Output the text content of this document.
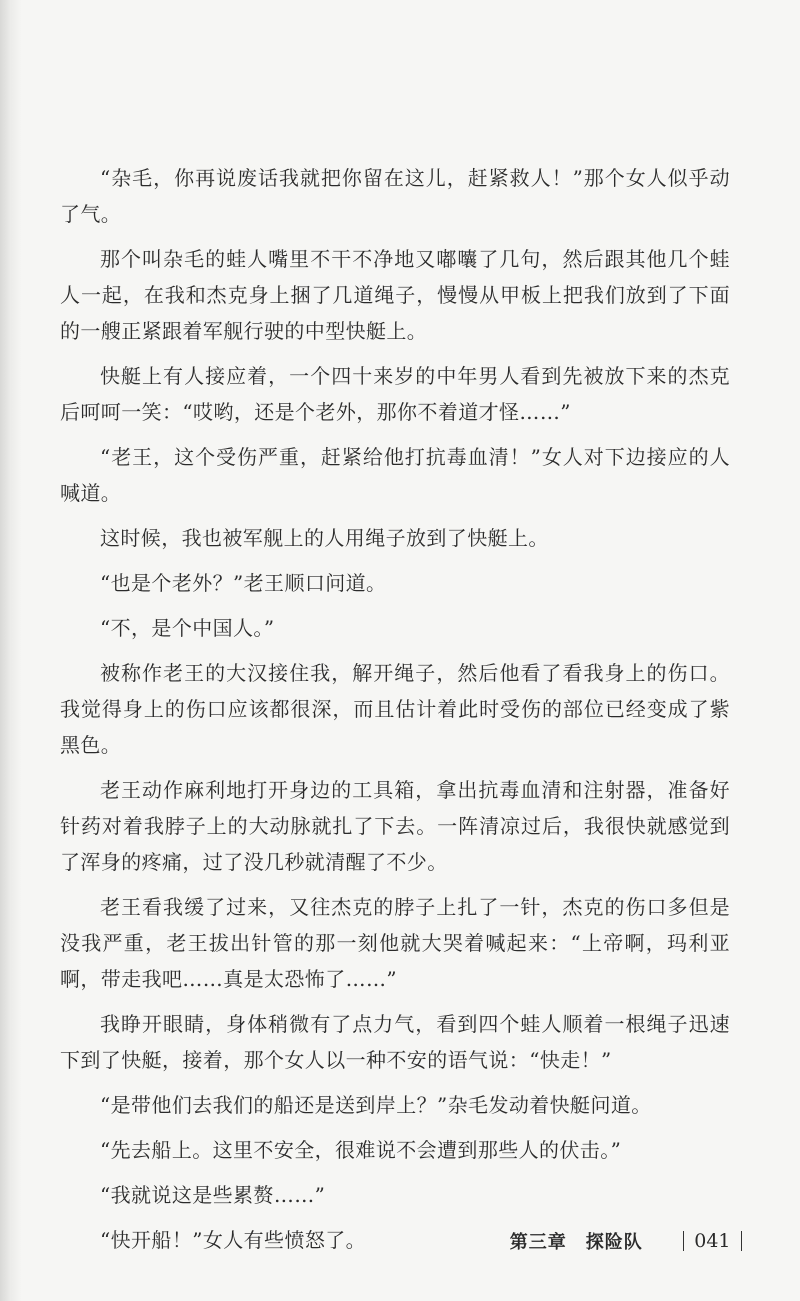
“杂毛，你再说废话我就把你留在这儿，赶紧救人！”那个女人似乎动了气。

那个叫杂毛的蛙人嘴里不干不净地又嘟囔了几句，然后跟其他几个蛙人一起，在我和杰克身上捆了几道绳子，慢慢从甲板上把我们放到了下面的一艘正紧跟着军舰行驶的中型快艇上。

快艇上有人接应着，一个四十来岁的中年男人看到先被放下来的杰克后呵呵一笑：“哎哟，还是个老外，那你不着道才怪……”

“老王，这个受伤严重，赶紧给他打抗毒血清！”女人对下边接应的人喊道。

这时候，我也被军舰上的人用绳子放到了快艇上。

“也是个老外？”老王顺口问道。

“不，是个中国人。”

被称作老王的大汉接住我，解开绳子，然后他看了看我身上的伤口。我觉得身上的伤口应该都很深，而且估计着此时受伤的部位已经变成了紫黑色。

老王动作麻利地打开身边的工具箱，拿出抗毒血清和注射器，准备好针药对着我脖子上的大动脉就扎了下去。一阵清凉过后，我很快就感觉到了浑身的疼痛，过了没几秒就清醒了不少。

老王看我缓了过来，又往杰克的脖子上扎了一针，杰克的伤口多但是没我严重，老王拔出针管的那一刻他就大哭着喊起来：“上帝啊，玛利亚啊，带走我吧……真是太恐怖了……”

我睁开眼睛，身体稍微有了点力气，看到四个蛙人顺着一根绳子迅速下到了快艇，接着，那个女人以一种不安的语气说：“快走！”

“是带他们去我们的船还是送到岸上？”杂毛发动着快艇问道。

“先去船上。这里不安全，很难说不会遭到那些人的伏击。”

“我就说这是些累赘……”

“快开船！”女人有些愤怒了。	第三章　探险队	041
